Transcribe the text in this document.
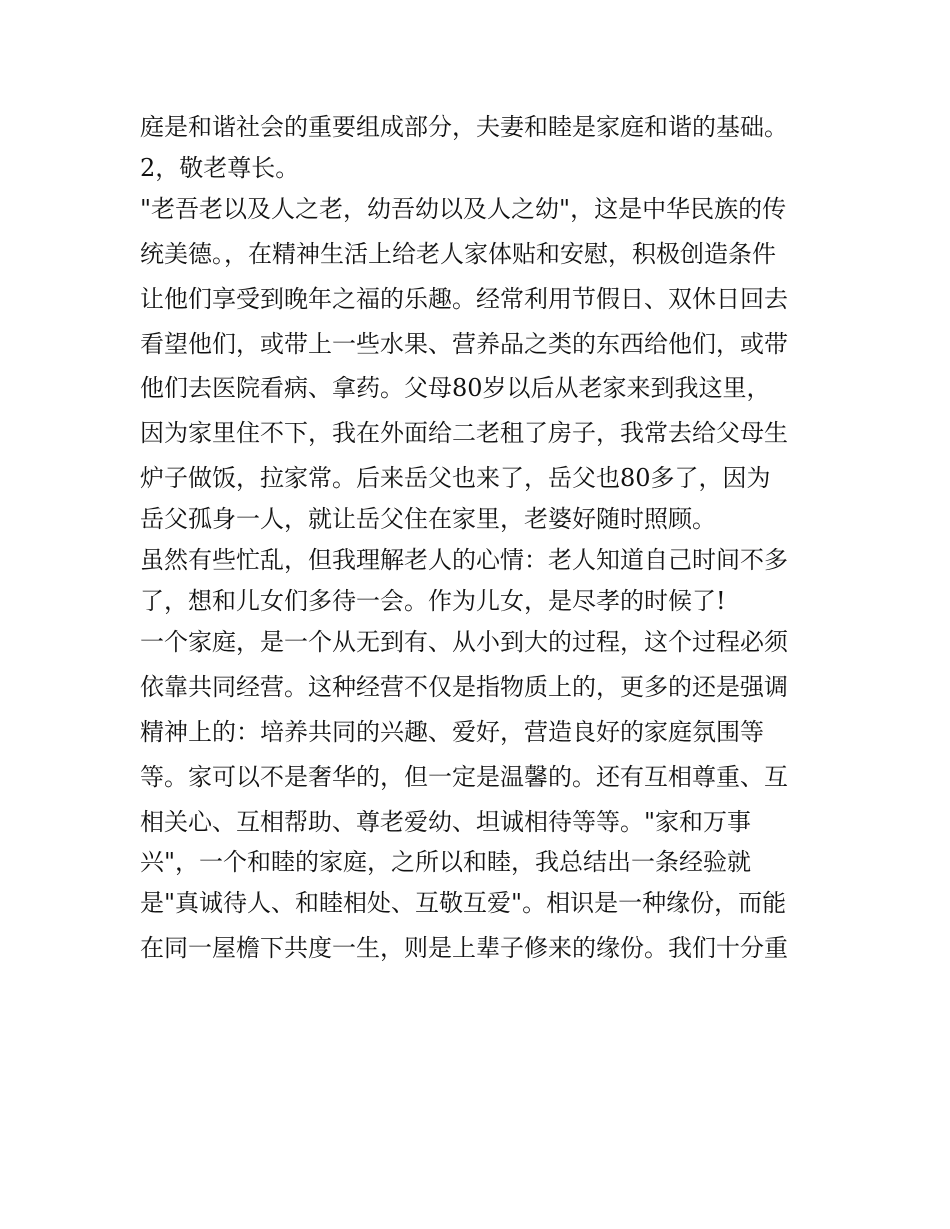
庭是和谐社会的重要组成部分，夫妻和睦是家庭和谐的基础。
2，敬老尊长。
"老吾老以及人之老，幼吾幼以及人之幼"，这是中华民族的传
统美德。，在精神生活上给老人家体贴和安慰，积极创造条件
让他们享受到晚年之福的乐趣。经常利用节假日、双休日回去
看望他们，或带上一些水果、营养品之类的东西给他们，或带
他们去医院看病、拿药。父母80岁以后从老家来到我这里，
因为家里住不下，我在外面给二老租了房子，我常去给父母生
炉子做饭，拉家常。后来岳父也来了，岳父也80多了，因为
岳父孤身一人，就让岳父住在家里，老婆好随时照顾。
虽然有些忙乱，但我理解老人的心情：老人知道自己时间不多
了，想和儿女们多待一会。作为儿女，是尽孝的时候了!
一个家庭，是一个从无到有、从小到大的过程，这个过程必须
依靠共同经营。这种经营不仅是指物质上的，更多的还是强调
精神上的：培养共同的兴趣、爱好，营造良好的家庭氛围等
等。家可以不是奢华的，但一定是温馨的。还有互相尊重、互
相关心、互相帮助、尊老爱幼、坦诚相待等等。"家和万事
兴"，一个和睦的家庭，之所以和睦，我总结出一条经验就
是"真诚待人、和睦相处、互敬互爱"。相识是一种缘份，而能
在同一屋檐下共度一生，则是上辈子修来的缘份。我们十分重
